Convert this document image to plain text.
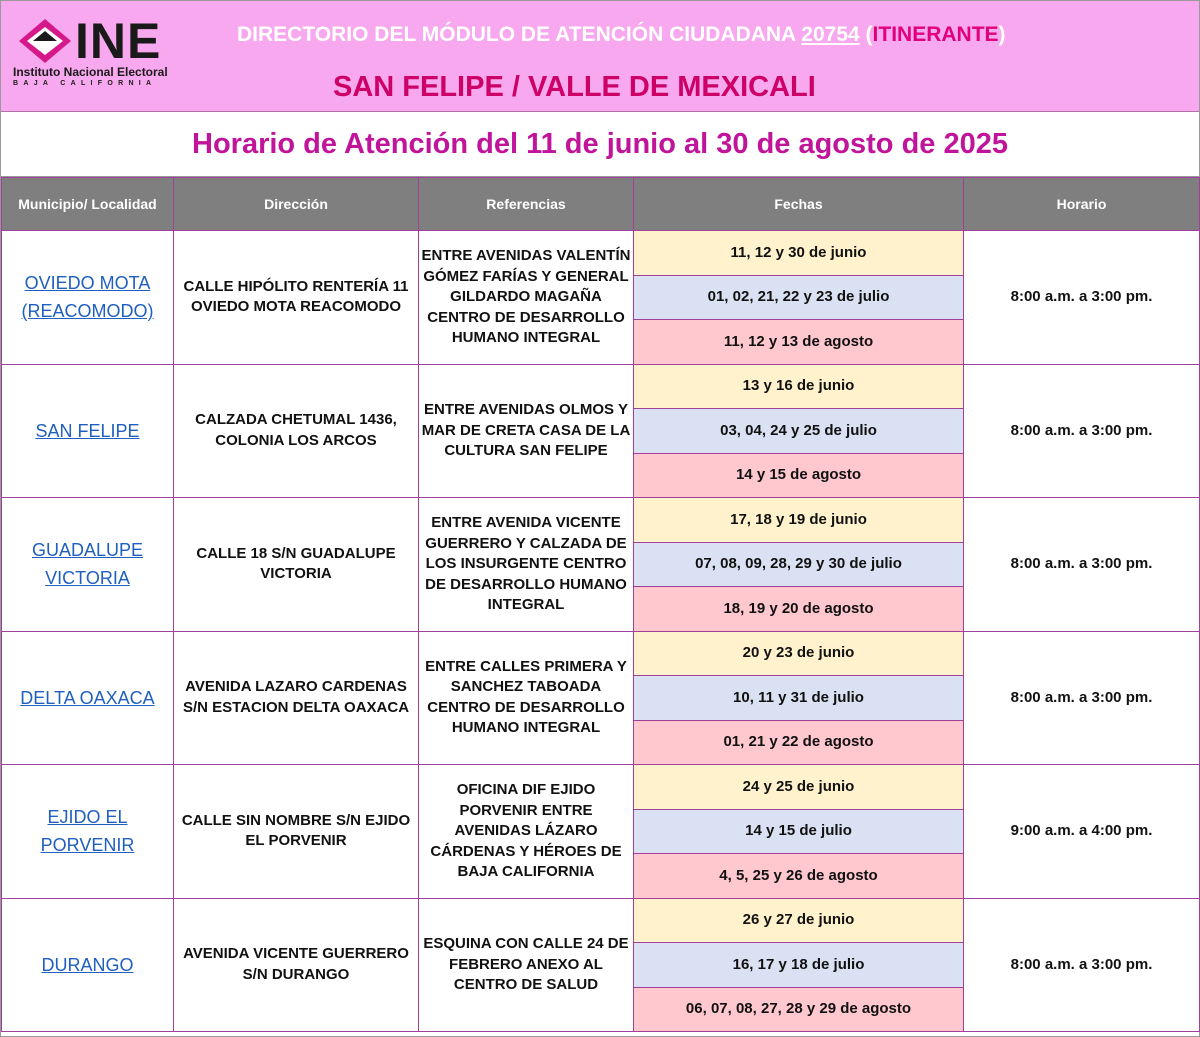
INE
Instituto Nacional Electoral
BAJA CALIFORNIA
DIRECTORIO DEL MÓDULO DE ATENCIÓN CIUDADANA 20754 (ITINERANTE)
SAN FELIPE / VALLE DE MEXICALI
Horario de Atención del 11 de junio al 30 de agosto de 2025
Municipio/ Localidad	Dirección	Referencias	Fechas	Horario
OVIEDO MOTA (REACOMODO)	CALLE HIPÓLITO RENTERÍA 11 OVIEDO MOTA REACOMODO	ENTRE AVENIDAS VALENTÍN GÓMEZ FARÍAS Y GENERAL GILDARDO MAGAÑA CENTRO DE DESARROLLO HUMANO INTEGRAL	11, 12 y 30 de junio	8:00 a.m. a 3:00 pm.
			01, 02, 21, 22 y 23 de julio	
			11, 12 y 13 de agosto	
SAN FELIPE	CALZADA CHETUMAL 1436, COLONIA LOS ARCOS	ENTRE AVENIDAS OLMOS Y MAR DE CRETA CASA DE LA CULTURA SAN FELIPE	13 y 16 de junio	8:00 a.m. a 3:00 pm.
			03, 04, 24 y 25 de julio	
			14 y 15 de agosto	
GUADALUPE VICTORIA	CALLE 18 S/N GUADALUPE VICTORIA	ENTRE AVENIDA VICENTE GUERRERO Y CALZADA DE LOS INSURGENTE CENTRO DE DESARROLLO HUMANO INTEGRAL	17, 18 y 19 de junio	8:00 a.m. a 3:00 pm.
			07, 08, 09, 28, 29 y 30 de julio	
			18, 19 y 20 de agosto	
DELTA OAXACA	AVENIDA LAZARO CARDENAS S/N ESTACION DELTA OAXACA	ENTRE CALLES PRIMERA Y SANCHEZ TABOADA CENTRO DE DESARROLLO HUMANO INTEGRAL	20 y 23 de junio	8:00 a.m. a 3:00 pm.
			10, 11 y 31 de julio	
			01, 21 y 22 de agosto	
EJIDO EL PORVENIR	CALLE SIN NOMBRE S/N EJIDO EL PORVENIR	OFICINA DIF EJIDO PORVENIR ENTRE AVENIDAS LÁZARO CÁRDENAS Y HÉROES DE BAJA CALIFORNIA	24 y 25 de junio	9:00 a.m. a 4:00 pm.
			14 y 15 de julio	
			4, 5, 25 y 26 de agosto	
DURANGO	AVENIDA VICENTE GUERRERO S/N DURANGO	ESQUINA CON CALLE 24 DE FEBRERO ANEXO AL CENTRO DE SALUD	26 y 27 de junio	8:00 a.m. a 3:00 pm.
			16, 17 y 18 de julio	
			06, 07, 08, 27, 28 y 29 de agosto	
